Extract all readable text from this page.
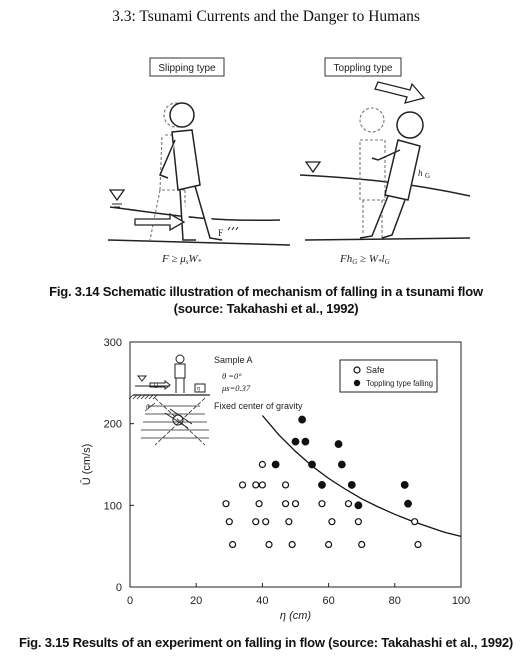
3.3: Tsunami Currents and the Danger to Humans
Slipping type	Toppling type
F
h G
F ≥ μsW*	FhG ≥ W*lG
Fig. 3.14 Schematic illustration of mechanism of falling in a tsunami flow
(source: Takahashi et al., 1992)
0	20	40	60	80	100
0
100
200
300
η (cm)
Ū (cm/s)
U	η
θ
Sample A
θ =0°
μs=0.37
Fixed center of gravity
Safe
Toppling type falling
Fig. 3.15 Results of an experiment on falling in flow (source: Takahashi et al., 1992)
